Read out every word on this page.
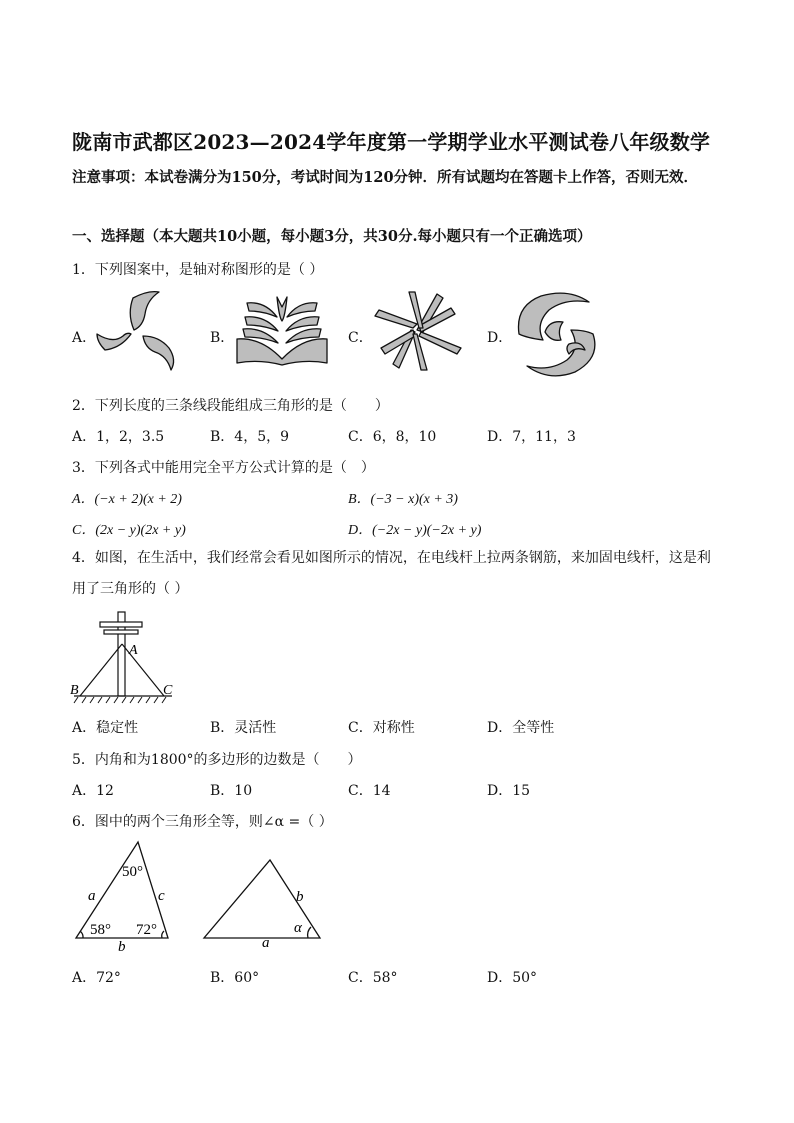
陇南市武都区2023—2024学年度第一学期学业水平测试卷八年级数学
注意事项：本试卷满分为150分，考试时间为120分钟．所有试题均在答题卡上作答，否则无效．
一、选择题（本大题共10小题，每小题3分，共30分.每小题只有一个正确选项）
1．下列图案中，是轴对称图形的是（ ）
A．	B．	C．	D．
2．下列长度的三条线段能组成三角形的是（　　）
A．1，2，3.5	B．4，5，9	C．6，8，10	D．7，11，3
3．下列各式中能用完全平方公式计算的是（　）
A．(−x + 2)(x + 2)	B．(−3 − x)(x + 3)
C．(2x − y)(2x + y)	D．(−2x − y)(−2x + y)
4．如图，在生活中，我们经常会看见如图所示的情况，在电线杆上拉两条钢筋，来加固电线杆，这是利用了三角形的（ ）
A
B	C
A．稳定性	B．灵活性	C．对称性	D．全等性
5．内角和为1800°的多边形的边数是（　　）
A．12	B．10	C．14	D．15
6．图中的两个三角形全等，则∠α =（ ）
50°
a	c
b
58° 72°
b
a
α
A．72°	B．60°	C．58°	D．50°
